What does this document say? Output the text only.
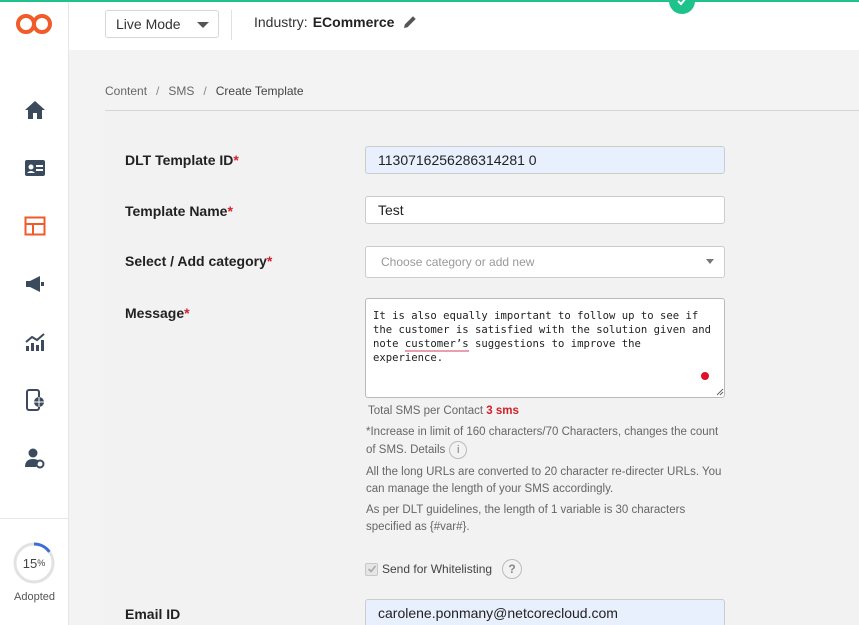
15 %
Adopted
Live Mode	Industry: ECommerce
Content / SMS / Create Template
DLT Template ID*	1130716256286314281 0
Template Name*	Test
Select / Add category*	Choose category or add new
Message*	It is also equally important to follow up to see if the customer is satisfied with the solution given and note customer’s suggestions to improve the experience.
Total SMS per Contact 3 sms
*Increase in limit of 160 characters/70 Characters, changes the count of SMS. Details i
All the long URLs are converted to 20 character re-directer URLs. You can manage the length of your SMS accordingly.
As per DLT guidelines, the length of 1 variable is 30 characters specified as {#var#}.
Send for Whitelisting	?
Email ID	carolene.ponmany@netcorecloud.com
